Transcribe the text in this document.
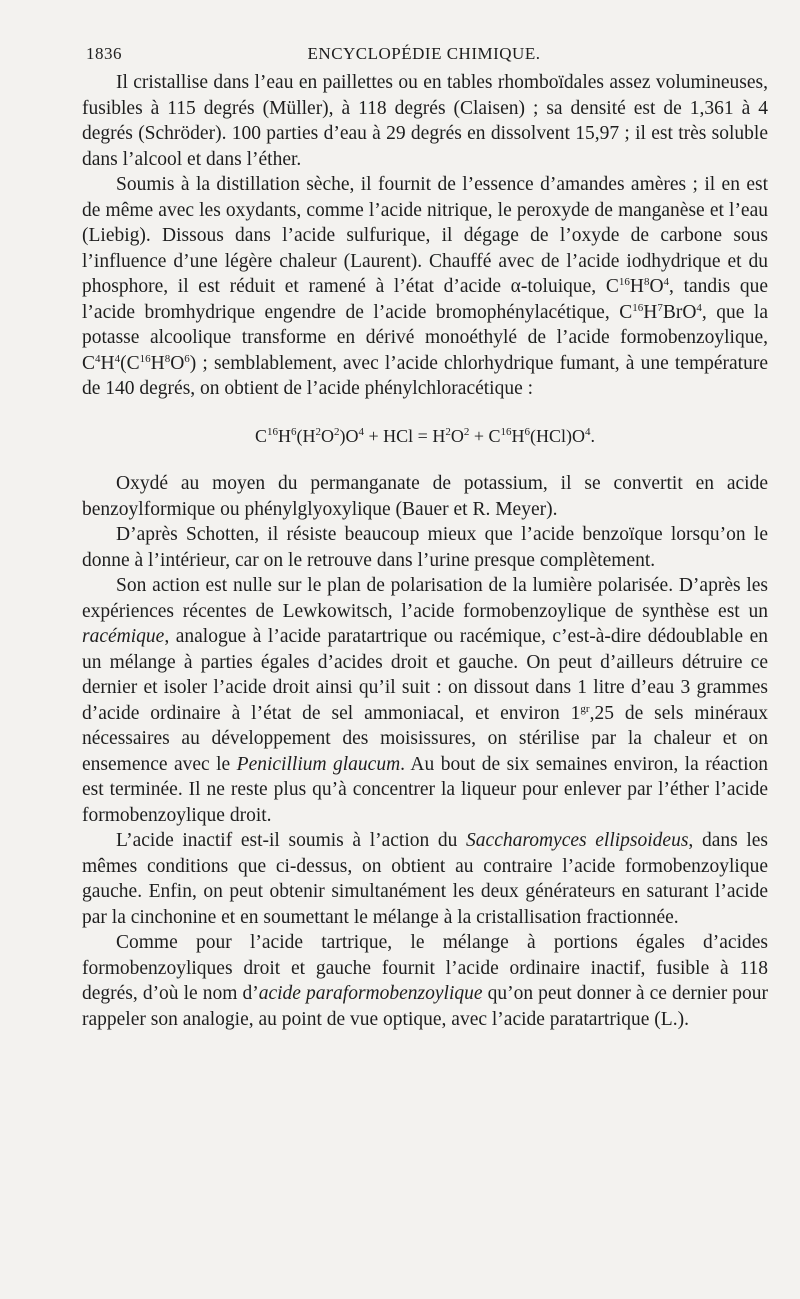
1836	ENCYCLOPÉDIE CHIMIQUE.

Il cristallise dans l’eau en paillettes ou en tables rhomboïdales assez volumineuses, fusibles à 115 degrés (Müller), à 118 degrés (Claisen) ; sa densité est de 1,361 à 4 degrés (Schröder). 100 parties d’eau à 29 degrés en dissolvent 15,97 ; il est très soluble dans l’alcool et dans l’éther.

Soumis à la distillation sèche, il fournit de l’essence d’amandes amères ; il en est de même avec les oxydants, comme l’acide nitrique, le peroxyde de manganèse et l’eau (Liebig). Dissous dans l’acide sulfurique, il dégage de l’oxyde de carbone sous l’influence d’une légère chaleur (Laurent). Chauffé avec de l’acide iodhydrique et du phosphore, il est réduit et ramené à l’état d’acide α-toluique, $C^{16}H^8O^4$, tandis que l’acide bromhydrique engendre de l’acide bromophénylacétique, $C^{16}H^7BrO^4$, que la potasse alcoolique transforme en dérivé monoéthylé de l’acide formobenzoylique, $C^4H^4(C^{16}H^8O^6)$ ; semblablement, avec l’acide chlorhydrique fumant, à une température de 140 degrés, on obtient de l’acide phénylchloracétique :

$C^{16}H^6(H^2O^2)O^4$ + HCl = $H^2O^2 + C^{16}H^6(HCl)O^4$.

Oxydé au moyen du permanganate de potassium, il se convertit en acide benzoylformique ou phénylglyoxylique (Bauer et R. Meyer).

D’après Schotten, il résiste beaucoup mieux que l’acide benzoïque lorsqu’on le donne à l’intérieur, car on le retrouve dans l’urine presque complètement.

Son action est nulle sur le plan de polarisation de la lumière polarisée. D’après les expériences récentes de Lewkowitsch, l’acide formobenzoylique de synthèse est un racémique, analogue à l’acide paratartrique ou racémique, c’est-à-dire dédoublable en un mélange à parties égales d’acides droit et gauche. On peut d’ailleurs détruire ce dernier et isoler l’acide droit ainsi qu’il suit : on dissout dans 1 litre d’eau 3 grammes d’acide ordinaire à l’état de sel ammoniacal, et environ $1^{gr},25$ de sels minéraux nécessaires au développement des moisissures, on stérilise par la chaleur et on ensemence avec le Penicillium glaucum. Au bout de six semaines environ, la réaction est terminée. Il ne reste plus qu’à concentrer la liqueur pour enlever par l’éther l’acide formobenzoylique droit.

L’acide inactif est-il soumis à l’action du Saccharomyces ellipsoideus, dans les mêmes conditions que ci-dessus, on obtient au contraire l’acide formobenzoylique gauche. Enfin, on peut obtenir simultanément les deux générateurs en saturant l’acide par la cinchonine et en soumettant le mélange à la cristallisation fractionnée.

Comme pour l’acide tartrique, le mélange à portions égales d’acides formobenzoyliques droit et gauche fournit l’acide ordinaire inactif, fusible à 118 degrés, d’où le nom d’acide paraformobenzoylique qu’on peut donner à ce dernier pour rappeler son analogie, au point de vue optique, avec l’acide paratartrique (L.).
